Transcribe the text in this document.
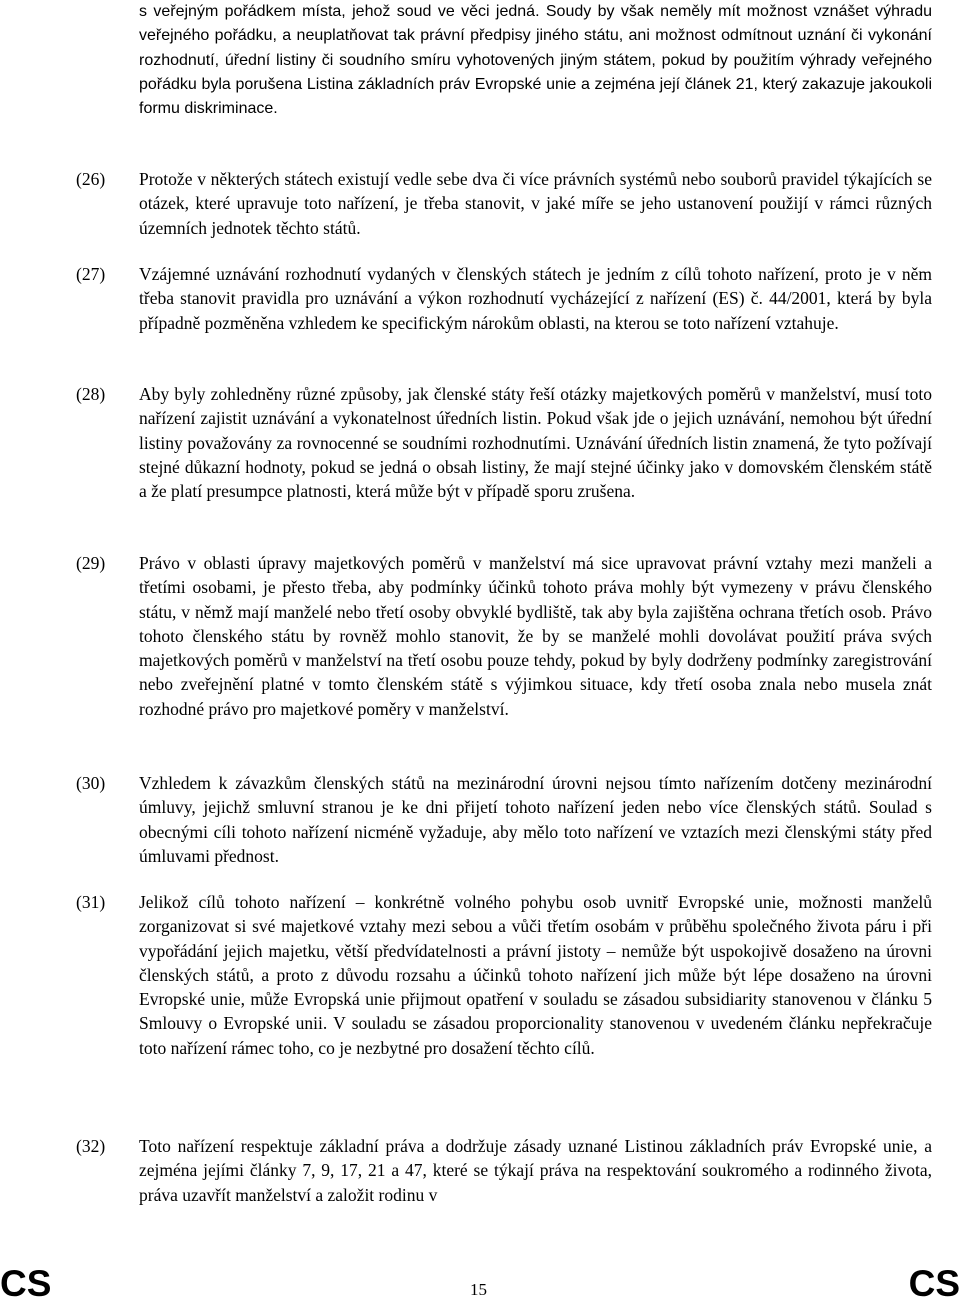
s veřejným pořádkem místa, jehož soud ve věci jedná. Soudy by však neměly mít možnost vznášet výhradu veřejného pořádku, a neuplatňovat tak právní předpisy jiného státu, ani možnost odmítnout uznání či vykonání rozhodnutí, úřední listiny či soudního smíru vyhotovených jiným státem, pokud by použitím výhrady veřejného pořádku byla porušena Listina základních práv Evropské unie a zejména její článek 21, který zakazuje jakoukoli formu diskriminace.

(26) Protože v některých státech existují vedle sebe dva či více právních systémů nebo souborů pravidel týkajících se otázek, které upravuje toto nařízení, je třeba stanovit, v jaké míře se jeho ustanovení použijí v rámci různých územních jednotek těchto států.

(27) Vzájemné uznávání rozhodnutí vydaných v členských státech je jedním z cílů tohoto nařízení, proto je v něm třeba stanovit pravidla pro uznávání a výkon rozhodnutí vycházející z nařízení (ES) č. 44/2001, která by byla případně pozměněna vzhledem ke specifickým nárokům oblasti, na kterou se toto nařízení vztahuje.

(28) Aby byly zohledněny různé způsoby, jak členské státy řeší otázky majetkových poměrů v manželství, musí toto nařízení zajistit uznávání a vykonatelnost úředních listin. Pokud však jde o jejich uznávání, nemohou být úřední listiny považovány za rovnocenné se soudními rozhodnutími. Uznávání úředních listin znamená, že tyto požívají stejné důkazní hodnoty, pokud se jedná o obsah listiny, že mají stejné účinky jako v domovském členském státě a že platí presumpce platnosti, která může být v případě sporu zrušena.

(29) Právo v oblasti úpravy majetkových poměrů v manželství má sice upravovat právní vztahy mezi manželi a třetími osobami, je přesto třeba, aby podmínky účinků tohoto práva mohly být vymezeny v právu členského státu, v němž mají manželé nebo třetí osoby obvyklé bydliště, tak aby byla zajištěna ochrana třetích osob. Právo tohoto členského státu by rovněž mohlo stanovit, že by se manželé mohli dovolávat použití práva svých majetkových poměrů v manželství na třetí osobu pouze tehdy, pokud by byly dodrženy podmínky zaregistrování nebo zveřejnění platné v tomto členském státě s výjimkou situace, kdy třetí osoba znala nebo musela znát rozhodné právo pro majetkové poměry v manželství.

(30) Vzhledem k závazkům členských států na mezinárodní úrovni nejsou tímto nařízením dotčeny mezinárodní úmluvy, jejichž smluvní stranou je ke dni přijetí tohoto nařízení jeden nebo více členských států. Soulad s obecnými cíli tohoto nařízení nicméně vyžaduje, aby mělo toto nařízení ve vztazích mezi členskými státy před úmluvami přednost.

(31) Jelikož cílů tohoto nařízení – konkrétně volného pohybu osob uvnitř Evropské unie, možnosti manželů zorganizovat si své majetkové vztahy mezi sebou a vůči třetím osobám v průběhu společného života páru i při vypořádání jejich majetku, větší předvídatelnosti a právní jistoty – nemůže být uspokojivě dosaženo na úrovni členských států, a proto z důvodu rozsahu a účinků tohoto nařízení jich může být lépe dosaženo na úrovni Evropské unie, může Evropská unie přijmout opatření v souladu se zásadou subsidiarity stanovenou v článku 5 Smlouvy o Evropské unii. V souladu se zásadou proporcionality stanovenou v uvedeném článku nepřekračuje toto nařízení rámec toho, co je nezbytné pro dosažení těchto cílů.

(32) Toto nařízení respektuje základní práva a dodržuje zásady uznané Listinou základních práv Evropské unie, a zejména jejími články 7, 9, 17, 21 a 47, které se týkají práva na respektování soukromého a rodinného života, práva uzavřít manželství a založit rodinu v

CS	15	CS
